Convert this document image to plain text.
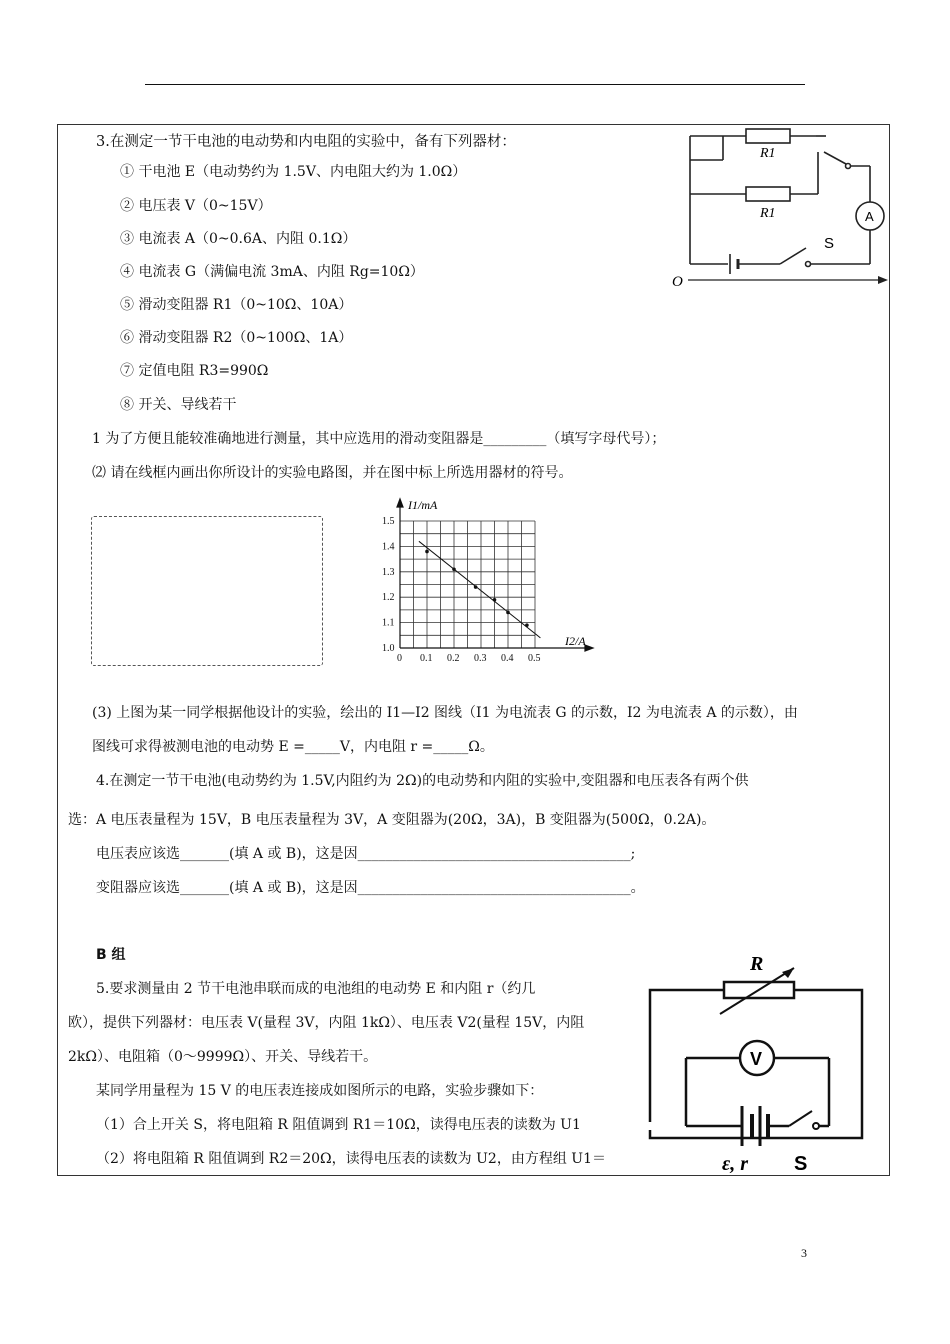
3.在测定一节干电池的电动势和内电阻的实验中，备有下列器材：
① 干电池 E（电动势约为 1.5V、内电阻大约为 1.0Ω）
② 电压表 V（0~15V）
③ 电流表 A（0~0.6A、内阻 0.1Ω）
④ 电流表 G（满偏电流 3mA、内阻 Rg=10Ω）
⑤ 滑动变阻器 R1（0~10Ω、10A）
⑥ 滑动变阻器 R2（0~100Ω、1A）
⑦ 定值电阻 R3=990Ω
⑧ 开关、导线若干
1 为了方便且能较准确地进行测量，其中应选用的滑动变阻器是_________（填写字母代号）；
⑵ 请在线框内画出你所设计的实验电路图，并在图中标上所选用器材的符号。
R1
R1	A
S
O
0 0.1 0.2 0.3 0.4 0.5
1.0
1.1
1.2
1.3
1.4
1.5
I1/mA
I2/A
(3) 上图为某一同学根据他设计的实验，绘出的 I1—I2 图线（I1 为电流表 G 的示数，I2 为电流表 A 的示数），由
图线可求得被测电池的电动势 E =_____V，内电阻 r =_____Ω。
4.在测定一节干电池(电动势约为 1.5V,内阻约为 2Ω)的电动势和内阻的实验中,变阻器和电压表各有两个供
选：A 电压表量程为 15V，B 电压表量程为 3V，A 变阻器为(20Ω，3A)，B 变阻器为(500Ω，0.2A)。
电压表应该选_______(填 A 或 B)，这是因_______________________________________;
变阻器应该选_______(填 A 或 B)，这是因_______________________________________。
B 组
5.要求测量由 2 节干电池串联而成的电池组的电动势 E 和内阻 r（约几
欧），提供下列器材：电压表 V(量程 3V，内阻 1kΩ）、电压表 V2(量程 15V，内阻
2kΩ）、电阻箱（0～9999Ω）、开关、导线若干。
某同学用量程为 15 V 的电压表连接成如图所示的电路，实验步骤如下：
（1）合上开关 S，将电阻箱 R 阻值调到 R1＝10Ω，读得电压表的读数为 U1
（2）将电阻箱 R 阻值调到 R2＝20Ω，读得电压表的读数为 U2，由方程组 U1＝
R
V
ε, r S
3
